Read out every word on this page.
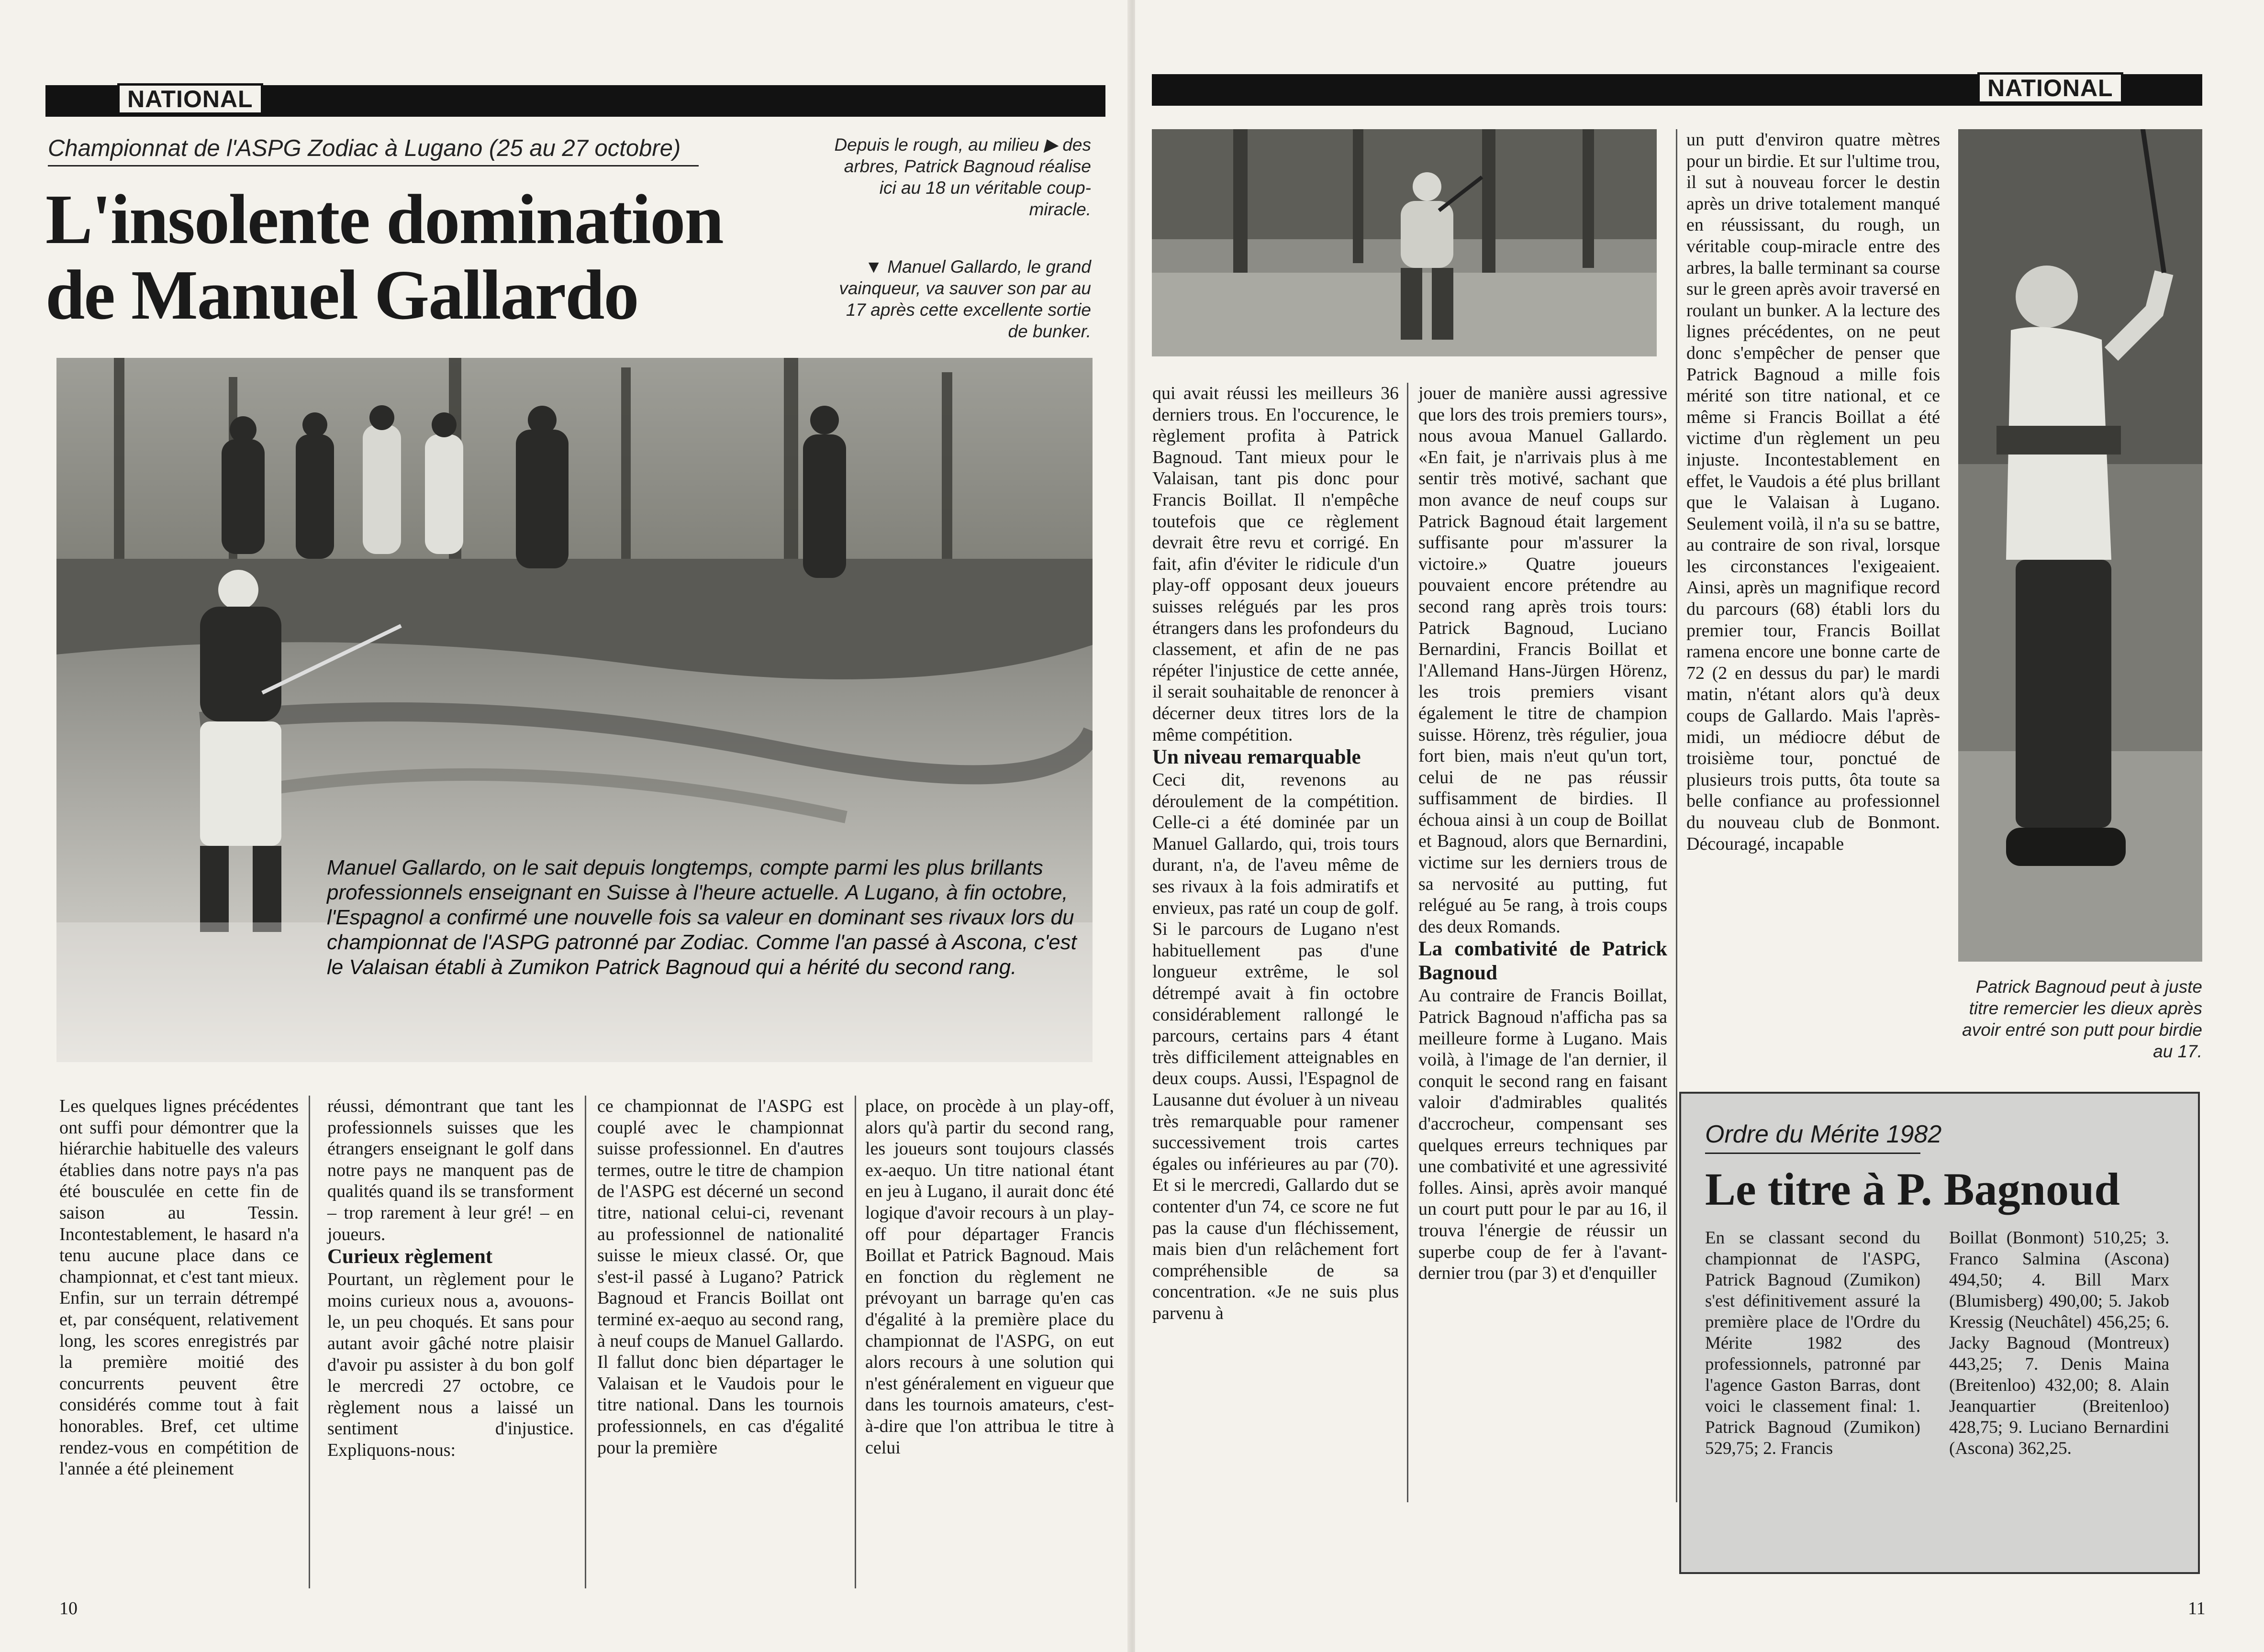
NATIONAL
Championnat de l'ASPG Zodiac à Lugano (25 au 27 octobre)
L'insolente domination
de Manuel Gallardo
Depuis le rough, au milieu ▶ des arbres, Patrick Bagnoud réalise ici au 18 un véritable coup-miracle.
▼ Manuel Gallardo, le grand vainqueur, va sauver son par au 17 après cette excellente sortie de bunker.
Manuel Gallardo, on le sait depuis longtemps, compte parmi les plus brillants professionnels enseignant en Suisse à l'heure actuelle. A Lugano, à fin octobre, l'Espagnol a confirmé une nouvelle fois sa valeur en dominant ses rivaux lors du championnat de l'ASPG patronné par Zodiac. Comme l'an passé à Ascona, c'est le Valaisan établi à Zumikon Patrick Bagnoud qui a hérité du second rang.

Les quelques lignes précédentes ont suffi pour démontrer que la hiérarchie habituelle des valeurs établies dans notre pays n'a pas été bousculée en cette fin de saison au Tessin. Incontestablement, le hasard n'a tenu aucune place dans ce championnat, et c'est tant mieux. Enfin, sur un terrain détrempé et, par conséquent, relativement long, les scores enregistrés par la première moitié des concurrents peuvent être considérés comme tout à fait honorables. Bref, cet ultime rendez-vous en compétition de l'année a été pleinement

réussi, démontrant que tant les professionnels suisses que les étrangers enseignant le golf dans notre pays ne manquent pas de qualités quand ils se transforment – trop rarement à leur gré! – en joueurs.

Curieux règlement

Pourtant, un règlement pour le moins curieux nous a, avouons-le, un peu choqués. Et sans pour autant avoir gâché notre plaisir d'avoir pu assister à du bon golf le mercredi 27 octobre, ce règlement nous a laissé un sentiment d'injustice. Expliquons-nous:

ce championnat de l'ASPG est couplé avec le championnat suisse professionnel. En d'autres termes, outre le titre de champion de l'ASPG est décerné un second titre, national celui-ci, revenant au professionnel de nationalité suisse le mieux classé. Or, que s'est-il passé à Lugano? Patrick Bagnoud et Francis Boillat ont terminé ex-aequo au second rang, à neuf coups de Manuel Gallardo. Il fallut donc bien départager le Valaisan et le Vaudois pour le titre national. Dans les tournois professionnels, en cas d'égalité pour la première

place, on procède à un play-off, alors qu'à partir du second rang, les joueurs sont toujours classés ex-aequo. Un titre national étant en jeu à Lugano, il aurait donc été logique d'avoir recours à un play-off pour départager Francis Boillat et Patrick Bagnoud. Mais en fonction du règlement ne prévoyant un barrage qu'en cas d'égalité à la première place du championnat de l'ASPG, on eut alors recours à une solution qui n'est généralement en vigueur que dans les tournois amateurs, c'est-à-dire que l'on attribua le titre à celui

10
NATIONAL
Patrick Bagnoud peut à juste titre remercier les dieux après avoir entré son putt pour birdie au 17.

qui avait réussi les meilleurs 36 derniers trous. En l'occurence, le règlement profita à Patrick Bagnoud. Tant mieux pour le Valaisan, tant pis donc pour Francis Boillat. Il n'empêche toutefois que ce règlement devrait être revu et corrigé. En fait, afin d'éviter le ridicule d'un play-off opposant deux joueurs suisses relégués par les pros étrangers dans les profondeurs du classement, et afin de ne pas répéter l'injustice de cette année, il serait souhaitable de renoncer à décerner deux titres lors de la même compétition.

Un niveau remarquable

Ceci dit, revenons au déroulement de la compétition. Celle-ci a été dominée par un Manuel Gallardo, qui, trois tours durant, n'a, de l'aveu même de ses rivaux à la fois admiratifs et envieux, pas raté un coup de golf. Si le parcours de Lugano n'est habituellement pas d'une longueur extrême, le sol détrempé avait à fin octobre considérablement rallongé le parcours, certains pars 4 étant très difficilement atteignables en deux coups. Aussi, l'Espagnol de Lausanne dut évoluer à un niveau très remarquable pour ramener successivement trois cartes égales ou inférieures au par (70). Et si le mercredi, Gallardo dut se contenter d'un 74, ce score ne fut pas la cause d'un fléchissement, mais bien d'un relâchement fort compréhensible de sa concentration. «Je ne suis plus parvenu à

jouer de manière aussi agressive que lors des trois premiers tours», nous avoua Manuel Gallardo. «En fait, je n'arrivais plus à me sentir très motivé, sachant que mon avance de neuf coups sur Patrick Bagnoud était largement suffisante pour m'assurer la victoire.» Quatre joueurs pouvaient encore prétendre au second rang après trois tours: Patrick Bagnoud, Luciano Bernardini, Francis Boillat et l'Allemand Hans-Jürgen Hörenz, les trois premiers visant également le titre de champion suisse. Hörenz, très régulier, joua fort bien, mais n'eut qu'un tort, celui de ne pas réussir suffisamment de birdies. Il échoua ainsi à un coup de Boillat et Bagnoud, alors que Bernardini, victime sur les derniers trous de sa nervosité au putting, fut relégué au 5e rang, à trois coups des deux Romands.

La combativité de Patrick Bagnoud

Au contraire de Francis Boillat, Patrick Bagnoud n'afficha pas sa meilleure forme à Lugano. Mais voilà, à l'image de l'an dernier, il conquit le second rang en faisant valoir d'admirables qualités d'accrocheur, compensant ses quelques erreurs techniques par une combativité et une agressivité folles. Ainsi, après avoir manqué un court putt pour le par au 16, il trouva l'énergie de réussir un superbe coup de fer à l'avant-dernier trou (par 3) et d'enquiller

un putt d'environ quatre mètres pour un birdie. Et sur l'ultime trou, il sut à nouveau forcer le destin après un drive totalement manqué en réussissant, du rough, un véritable coup-miracle entre des arbres, la balle terminant sa course sur le green après avoir traversé en roulant un bunker. A la lecture des lignes précédentes, on ne peut donc s'empêcher de penser que Patrick Bagnoud a mille fois mérité son titre national, et ce même si Francis Boillat a été victime d'un règlement un peu injuste. Incontestablement en effet, le Vaudois a été plus brillant que le Valaisan à Lugano. Seulement voilà, il n'a su se battre, au contraire de son rival, lorsque les circonstances l'exigeaient. Ainsi, après un magnifique record du parcours (68) établi lors du premier tour, Francis Boillat ramena encore une bonne carte de 72 (2 en dessus du par) le mardi matin, n'étant alors qu'à deux coups de Gallardo. Mais l'après-midi, un médiocre début de troisième tour, ponctué de plusieurs trois putts, ôta toute sa belle confiance au professionnel du nouveau club de Bonmont. Découragé, incapable

Ordre du Mérite 1982
Le titre à P. Bagnoud
En se classant second du championnat de l'ASPG, Patrick Bagnoud (Zumikon) s'est définitivement assuré la première place de l'Ordre du Mérite 1982 des professionnels, patronné par l'agence Gaston Barras, dont voici le classement final: 1. Patrick Bagnoud (Zumikon) 529,75; 2. Francis
Boillat (Bonmont) 510,25; 3. Franco Salmina (Ascona) 494,50; 4. Bill Marx (Blumisberg) 490,00; 5. Jakob Kressig (Neuchâtel) 456,25; 6. Jacky Bagnoud (Montreux) 443,25; 7. Denis Maina (Breitenloo) 432,00; 8. Alain Jeanquartier (Breitenloo) 428,75; 9. Luciano Bernardini (Ascona) 362,25.
11
